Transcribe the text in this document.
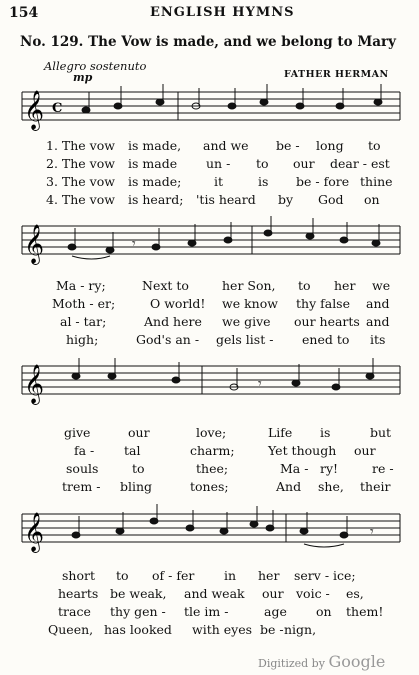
154	ENGLISH HYMNS
No. 129. The Vow is made, and we belong to Mary
Allegro sostenuto
mp	FATHER HERMAN
𝄞 C
1. The vow is made, and we be - long to
2. The vow is made un - to our dear - est
3. The vow is made;	it	is be - fore thine
4. The vow is heard; 'tis heard by God on
𝄞	𝄾
Ma - ry;	Next to	her Son, to her we
Moth - er;	O world! we know thy false and
al - tar;	And here we give our hearts and
high;	God's an - gels list - ened to its
𝄞	𝄾
give	our	love;	Life is	but
fa - tal	charm;	Yet though our
souls	to	thee;	Ma - ry!	re -
trem - bling	tones;	And she, their
𝄞	𝄾
short to of - fer in her serv - ice;
hearts be weak, and weak our voic - es,
trace thy gen - tle im -	age on them!
Queen, has looked with eyes be - nign,
Digitized by Google
